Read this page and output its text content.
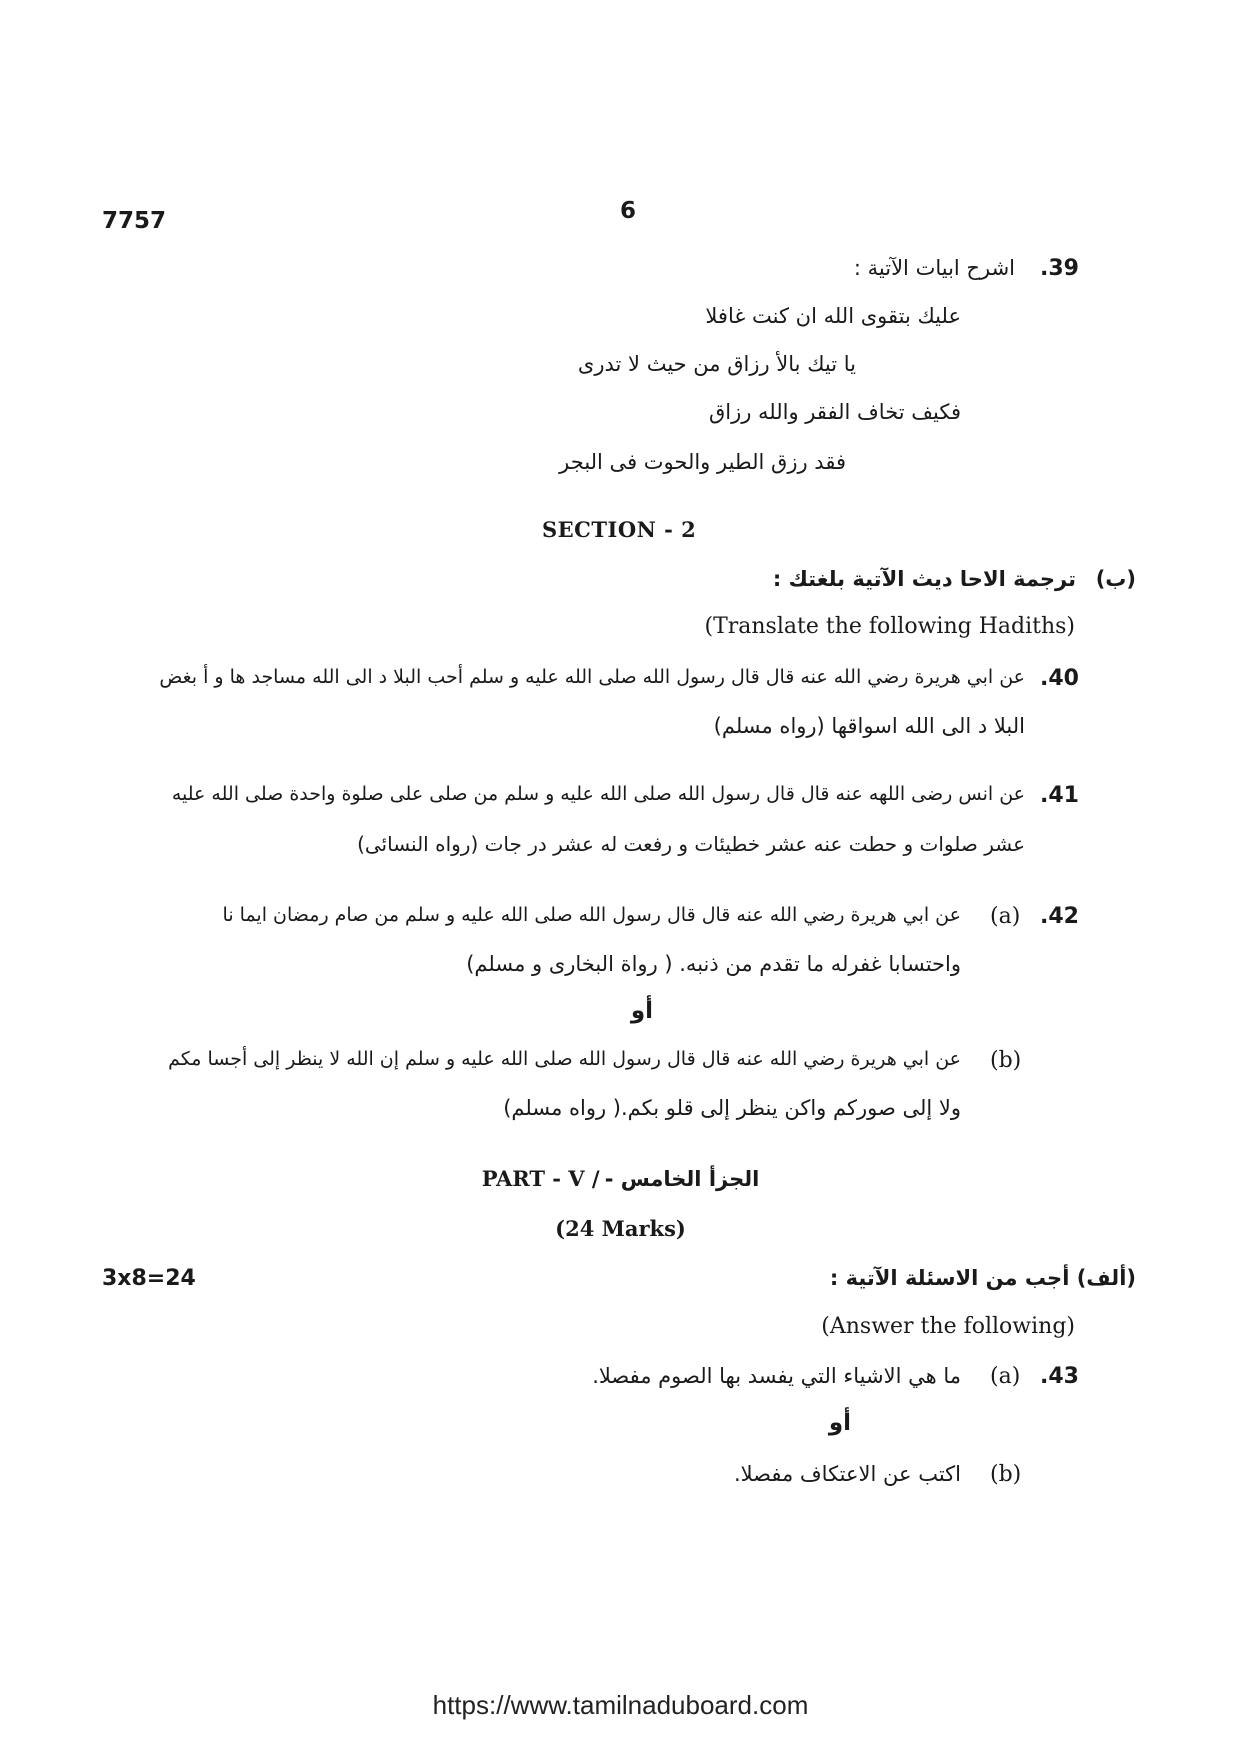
7757	6
.39
اشرح ابيات الآتية :
عليك بتقوى الله ان كنت غافلا
يا تيك بالأ رزاق من حيث لا تدرى
فكيف تخاف الفقر والله رزاق
فقد رزق الطير والحوت فى البجر
SECTION - 2
(ب)
ترجمة الاحا ديث الآتية بلغتك :
(Translate the following Hadiths)
.40
عن ابي هريرة رضي الله عنه قال قال رسول الله صلى الله عليه و سلم أحب البلا د الى الله مساجد ها و أ بغض
البلا د الى الله اسواقها (رواه مسلم)
.41
عن انس رضى اللهه عنه قال قال رسول الله صلى الله عليه و سلم من صلى على صلوة واحدة صلى الله عليه
عشر صلوات و حطت عنه عشر خطيئات و رفعت له عشر در جات (رواه النسائى)
.42
(a)
عن ابي هريرة رضي الله عنه قال قال رسول الله صلى الله عليه و سلم من صام رمضان ايما نا
واحتسابا غفرله ما تقدم من ذنبه. ( رواة البخارى و مسلم)
أو
(b)
عن ابي هريرة رضي الله عنه قال قال رسول الله صلى الله عليه و سلم إن الله لا ينظر إلى أجسا مكم
ولا إلى صوركم واكن ينظر إلى قلو بكم.( رواه مسلم)
PART - V / الجزأ الخامس -
(24 Marks)
3x8=24	(ألف) أجب من الاسئلة الآتية :
(Answer the following)
.43
(a)
ما هي الاشياء التي يفسد بها الصوم مفصلا.
أو
(b)
اكتب عن الاعتكاف مفصلا.
https://www.tamilnaduboard.com
